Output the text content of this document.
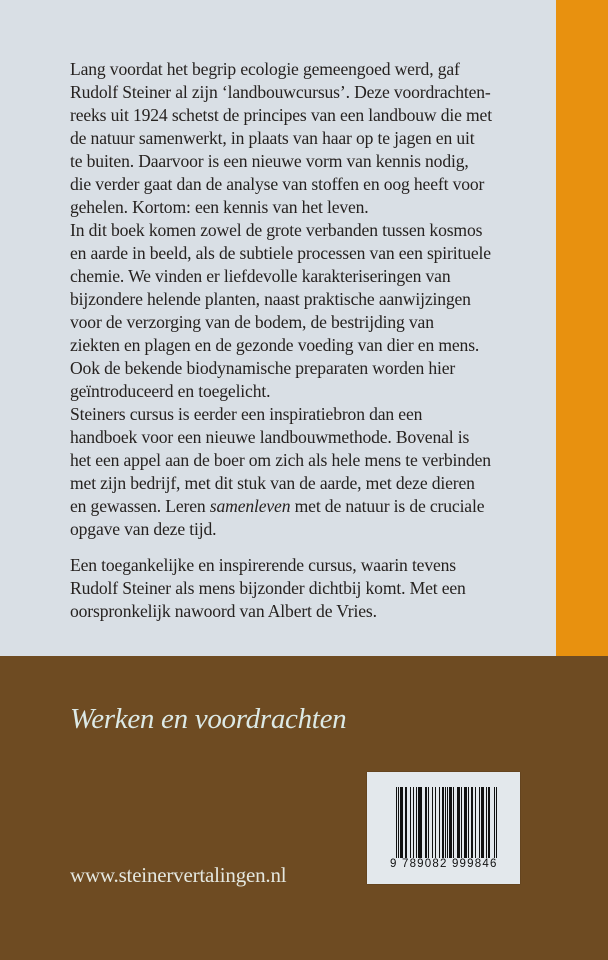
Lang voordat het begrip ecologie gemeengoed werd, gaf
Rudolf Steiner al zijn ‘landbouwcursus’. Deze voordrachten-
reeks uit 1924 schetst de principes van een landbouw die met
de natuur samenwerkt, in plaats van haar op te jagen en uit
te buiten. Daarvoor is een nieuwe vorm van kennis nodig,
die verder gaat dan de analyse van stoffen en oog heeft voor
gehelen. Kortom: een kennis van het leven.
In dit boek komen zowel de grote verbanden tussen kosmos
en aarde in beeld, als de subtiele processen van een spirituele
chemie. We vinden er liefdevolle karakteriseringen van
bijzondere helende planten, naast praktische aanwijzingen
voor de verzorging van de bodem, de bestrijding van
ziekten en plagen en de gezonde voeding van dier en mens.
Ook de bekende biodynamische preparaten worden hier
geïntroduceerd en toegelicht.
Steiners cursus is eerder een inspiratiebron dan een
handboek voor een nieuwe landbouwmethode. Bovenal is
het een appel aan de boer om zich als hele mens te verbinden
met zijn bedrijf, met dit stuk van de aarde, met deze dieren
en gewassen. Leren samenleven met de natuur is de cruciale
opgave van deze tijd.

Een toegankelijke en inspirerende cursus, waarin tevens
Rudolf Steiner als mens bijzonder dichtbij komt. Met een
oorspronkelijk nawoord van Albert de Vries.

Werken en voordrachten
www.steinervertalingen.nl	9 789082 999846
